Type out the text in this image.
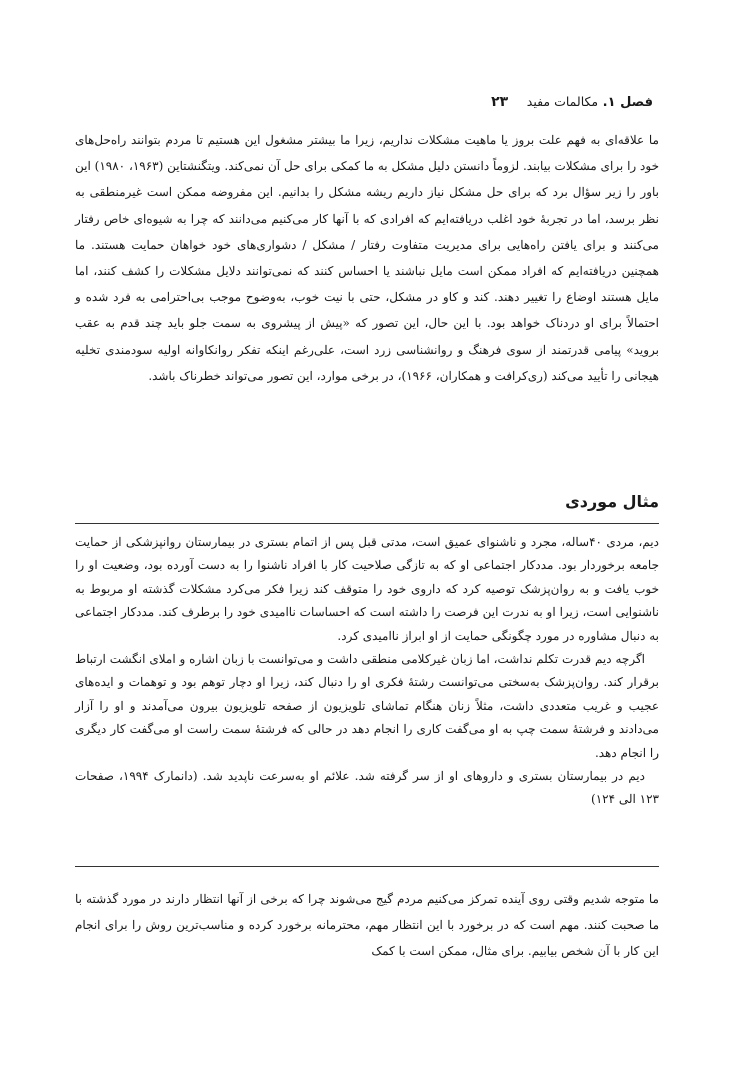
فصل ۱. مکالمات مفید ۲۳
ما علاقه‌ای به فهم علت بروز یا ماهیت مشکلات نداریم، زیرا ما بیشتر مشغول این هستیم تا مردم بتوانند راه‌حل‌های خود را برای مشکلات بیابند. لزوماً دانستن دلیل مشکل به ما کمکی برای حل آن نمی‌کند. ویتگنشتاین (۱۹۶۳، ۱۹۸۰) این باور را زیر سؤال برد که برای حل مشکل نیاز داریم ریشه مشکل را بدانیم. این مفروضه ممکن است غیرمنطقی به نظر برسد، اما در تجربهٔ خود اغلب دریافته‌ایم که افرادی که با آنها کار می‌کنیم می‌دانند که چرا به شیوه‌ای خاص رفتار می‌کنند و برای یافتن راه‌هایی برای مدیریت متفاوت رفتار / مشکل / دشواری‌های خود خواهان حمایت هستند. ما همچنین دریافته‌ایم که افراد ممکن است مایل نباشند یا احساس کنند که نمی‌توانند دلایل مشکلات را کشف کنند، اما مایل هستند اوضاع را تغییر دهند. کند و کاو در مشکل، حتی با نیت خوب، به‌وضوح موجب بی‌احترامی به فرد شده و احتمالاً برای او دردناک خواهد بود. با این حال، این تصور که «پیش از پیشروی به سمت جلو باید چند قدم به عقب بروید» پیامی قدرتمند از سوی فرهنگ و روانشناسی زرد است، علی‌رغم اینکه تفکر روانکاوانه اولیه سودمندی تخلیه هیجانی را تأیید می‌کند (ری‌کرافت و همکاران، ۱۹۶۶)، در برخی موارد، این تصور می‌تواند خطرناک باشد.
مثال موردی

دیم، مردی ۴۰ساله، مجرد و ناشنوای عمیق است، مدتی قبل پس از اتمام بستری در بیمارستان روانپزشکی از حمایت جامعه برخوردار بود. مددکار اجتماعی او که به تازگی صلاحیت کار با افراد ناشنوا را به دست آورده بود، وضعیت او را خوب یافت و به روان‌پزشک توصیه کرد که داروی خود را متوقف کند زیرا فکر می‌کرد مشکلات گذشته او مربوط به ناشنوایی است، زیرا او به ندرت این فرصت را داشته است که احساسات ناامیدی خود را برطرف کند. مددکار اجتماعی به دنبال مشاوره در مورد چگونگی حمایت از او ابراز ناامیدی کرد.

اگرچه دیم قدرت تکلم نداشت، اما زبان غیرکلامی منطقی داشت و می‌توانست با زبان اشاره و املای انگشت ارتباط برقرار کند. روان‌پزشک به‌سختی می‌توانست رشتهٔ فکری او را دنبال کند، زیرا او دچار توهم بود و توهمات و ایده‌های عجیب و غریب متعددی داشت، مثلاً زنان هنگام تماشای تلویزیون از صفحه تلویزیون بیرون می‌آمدند و او را آزار می‌دادند و فرشتهٔ سمت چپ به او می‌گفت کاری را انجام دهد در حالی که فرشتهٔ سمت راست او می‌گفت کار دیگری را انجام دهد.

دیم در بیمارستان بستری و داروهای او از سر گرفته شد. علائم او به‌سرعت ناپدید شد. (دانمارک ۱۹۹۴، صفحات ۱۲۳ الی ۱۲۴)

ما متوجه شدیم وقتی روی آینده تمرکز می‌کنیم مردم گیج می‌شوند چرا که برخی از آنها انتظار دارند در مورد گذشته با ما صحبت کنند. مهم است که در برخورد با این انتظار مهم، محترمانه برخورد کرده و مناسب‌ترین روش را برای انجام این کار با آن شخص بیابیم. برای مثال، ممکن است با کمک
